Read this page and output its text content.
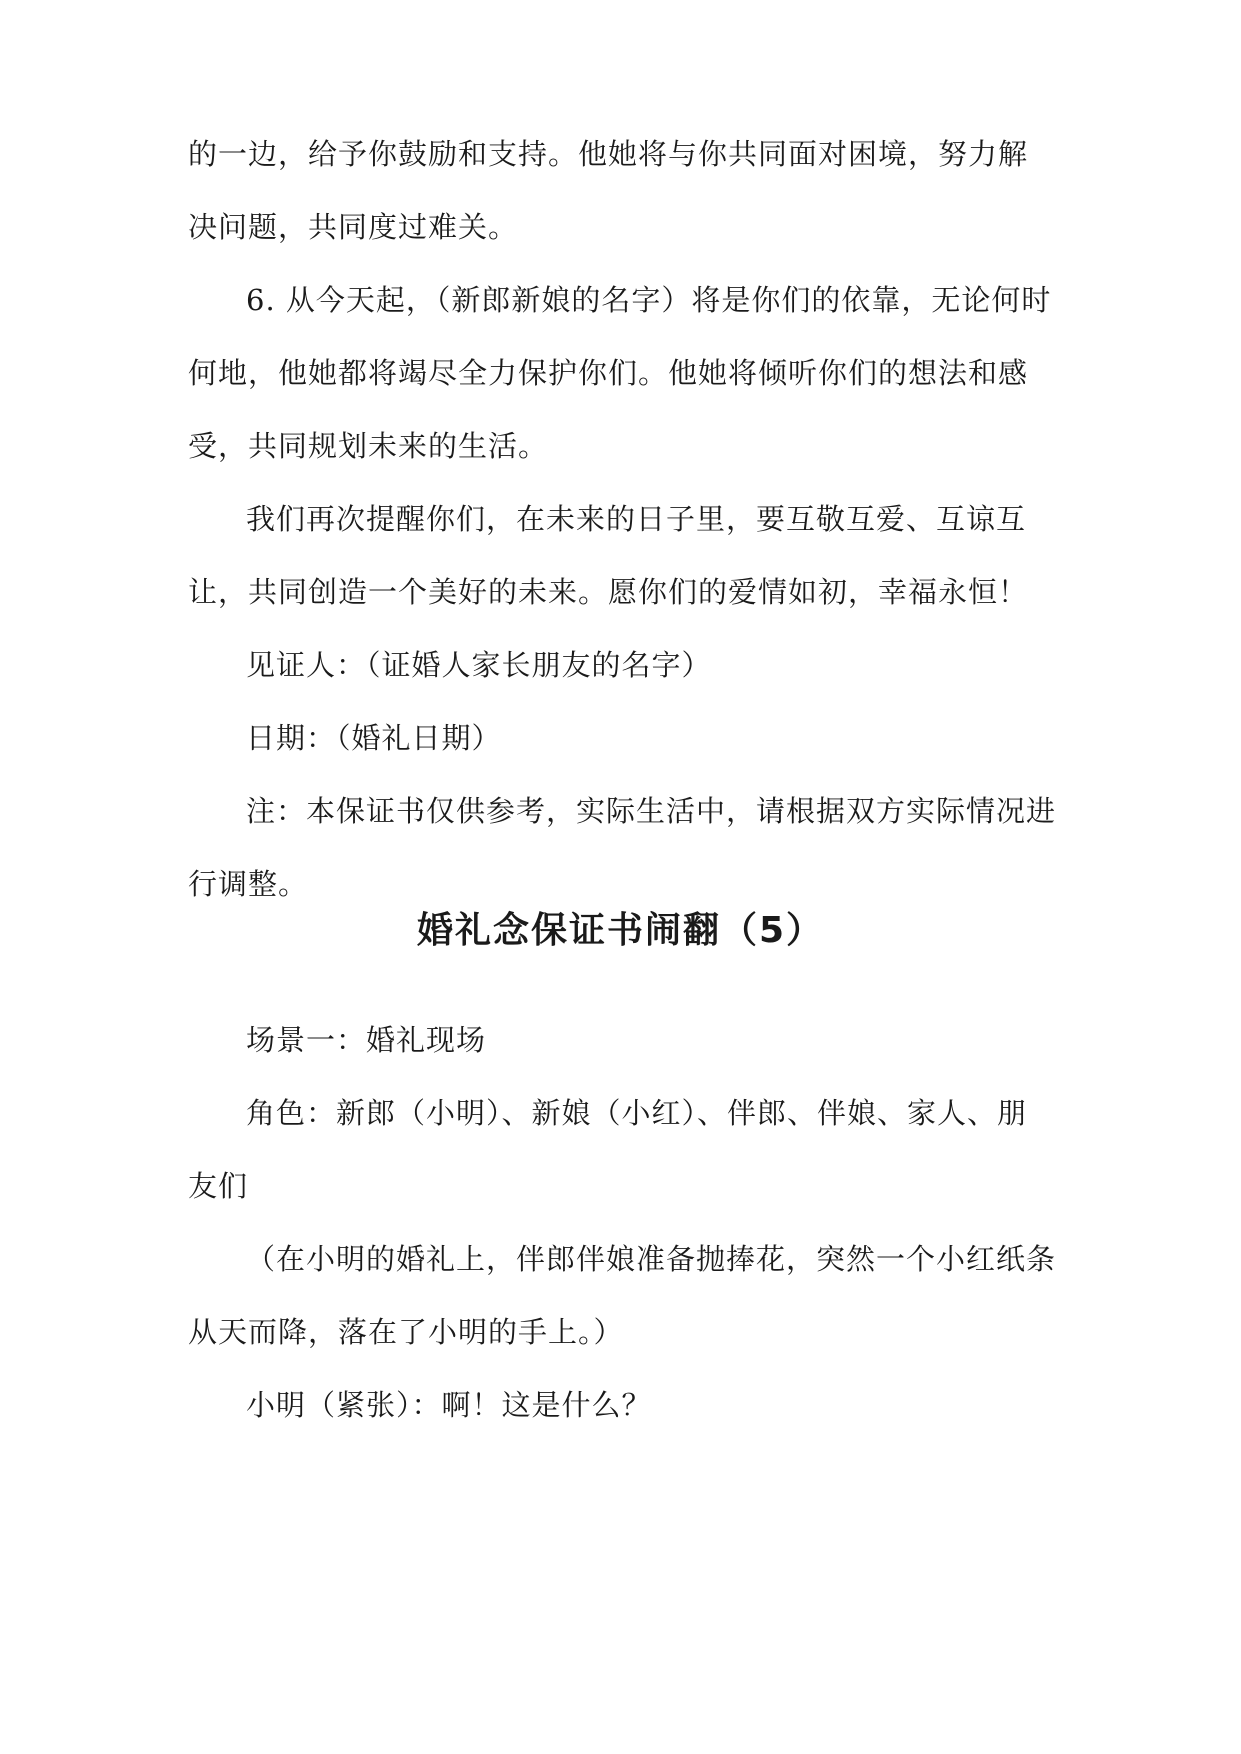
的一边，给予你鼓励和支持。他她将与你共同面对困境，努力解决问题，共同度过难关。

6. 从今天起，（新郎新娘的名字）将是你们的依靠，无论何时何地，他她都将竭尽全力保护你们。他她将倾听你们的想法和感受，共同规划未来的生活。

我们再次提醒你们，在未来的日子里，要互敬互爱、互谅互让，共同创造一个美好的未来。愿你们的爱情如初，幸福永恒！

见证人：（证婚人家长朋友的名字）

日期：（婚礼日期）

注：本保证书仅供参考，实际生活中，请根据双方实际情况进行调整。

婚礼念保证书闹翻（5）

场景一：婚礼现场

角色：新郎（小明）、新娘（小红）、伴郎、伴娘、家人、朋友们

（在小明的婚礼上，伴郎伴娘准备抛捧花，突然一个小红纸条从天而降，落在了小明的手上。）

小明（紧张）：啊！这是什么？
